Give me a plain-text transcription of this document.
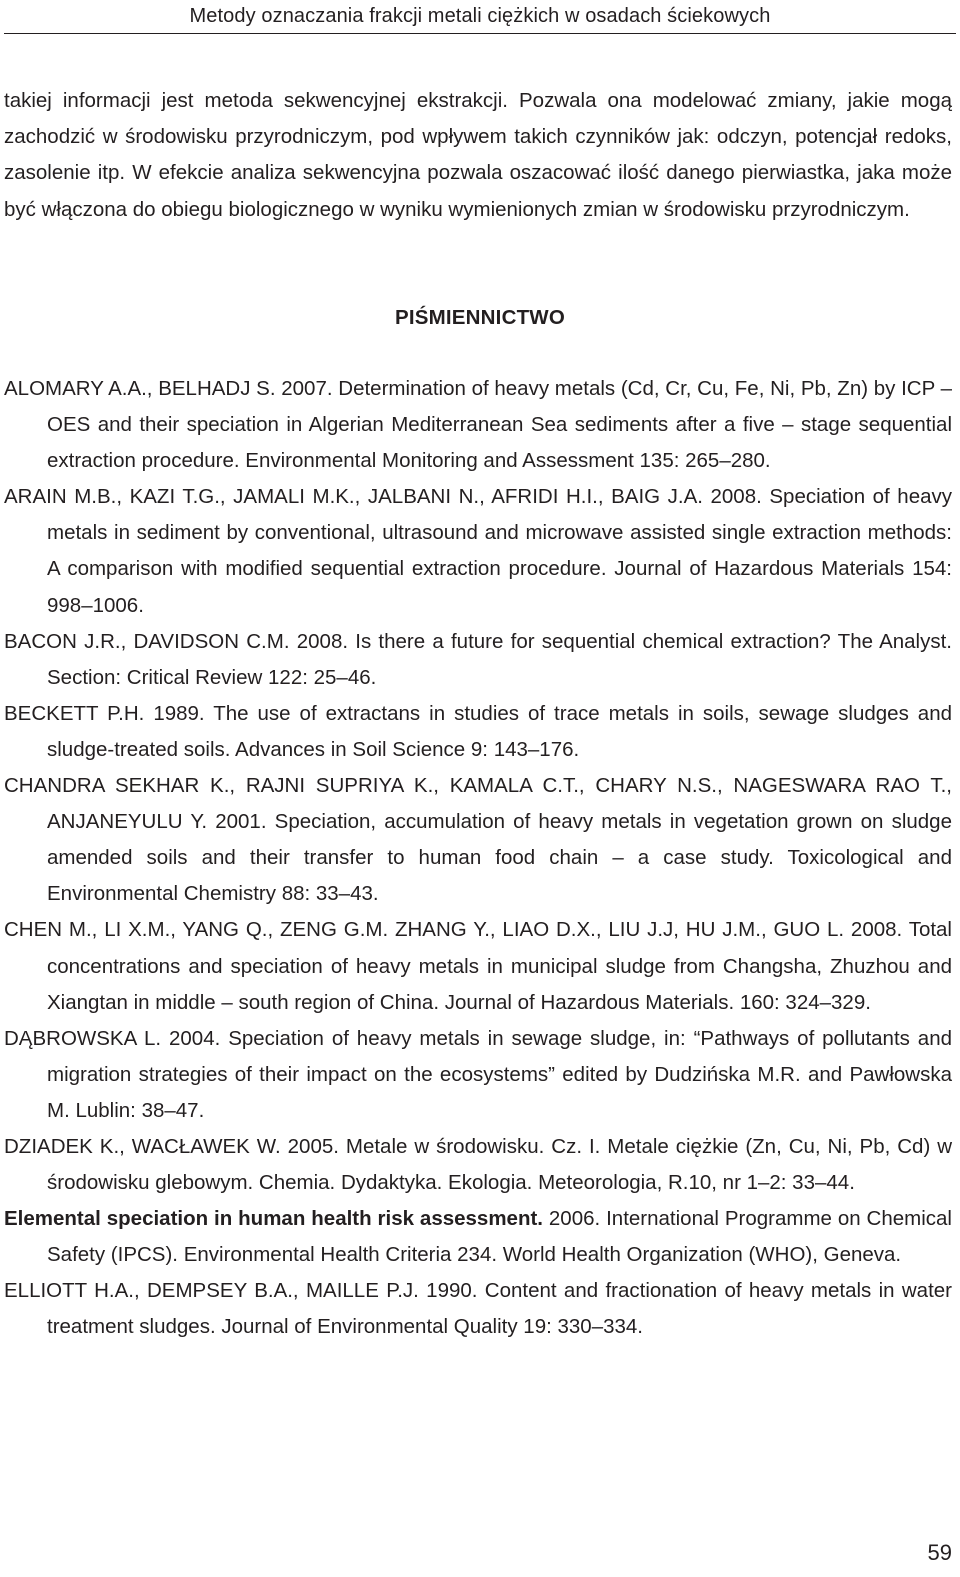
Metody oznaczania frakcji metali ciężkich w osadach ściekowych

takiej informacji jest metoda sekwencyjnej ekstrakcji. Pozwala ona modelować zmiany, jakie mogą zachodzić w środowisku przyrodniczym, pod wpływem takich czynników jak: odczyn, potencjał redoks, zasolenie itp. W efekcie analiza sekwencyjna pozwala oszacować ilość danego pierwiastka, jaka może być włączona do obiegu biologicznego w wyniku wymienionych zmian w środowisku przyrodniczym.

PIŚMIENNICTWO
ALOMARY A.A., BELHADJ S. 2007. Determination of heavy metals (Cd, Cr, Cu, Fe, Ni, Pb, Zn) by ICP – OES and their speciation in Algerian Mediterranean Sea sediments after a five – stage sequential extraction procedure. Environmental Monitoring and Assessment 135: 265–280.
ARAIN M.B., KAZI T.G., JAMALI M.K., JALBANI N., AFRIDI H.I., BAIG J.A. 2008. Speciation of heavy metals in sediment by conventional, ultrasound and microwave assisted single extraction methods: A comparison with modified sequential extraction procedure. Journal of Hazardous Materials 154: 998–1006.
BACON J.R., DAVIDSON C.M. 2008. Is there a future for sequential chemical extraction? The Analyst. Section: Critical Review 122: 25–46.
BECKETT P.H. 1989. The use of extractans in studies of trace metals in soils, sewage sludges and sludge-treated soils. Advances in Soil Science 9: 143–176.
CHANDRA SEKHAR K., RAJNI SUPRIYA K., KAMALA C.T., CHARY N.S., NAGESWARA RAO T., ANJANEYULU Y. 2001. Speciation, accumulation of heavy metals in vegetation grown on sludge amended soils and their transfer to human food chain – a case study. Toxicological and Environmental Chemistry 88: 33–43.
CHEN M., LI X.M., YANG Q., ZENG G.M. ZHANG Y., LIAO D.X., LIU J.J, HU J.M., GUO L. 2008. Total concentrations and speciation of heavy metals in municipal sludge from Changsha, Zhuzhou and Xiangtan in middle – south region of China. Journal of Hazardous Materials. 160: 324–329.
DĄBROWSKA L. 2004. Speciation of heavy metals in sewage sludge, in: “Pathways of pollutants and migration strategies of their impact on the ecosystems” edited by Dudzińska M.R. and Pawłowska M. Lublin: 38–47.
DZIADEK K., WACŁAWEK W. 2005. Metale w środowisku. Cz. I. Metale ciężkie (Zn, Cu, Ni, Pb, Cd) w środowisku glebowym. Chemia. Dydaktyka. Ekologia. Meteorologia, R.10, nr 1–2: 33–44.
Elemental speciation in human health risk assessment. 2006. International Programme on Chemical Safety (IPCS). Environmental Health Criteria 234. World Health Organization (WHO), Geneva.
ELLIOTT H.A., DEMPSEY B.A., MAILLE P.J. 1990. Content and fractionation of heavy metals in water treatment sludges. Journal of Environmental Quality 19: 330–334.
59
